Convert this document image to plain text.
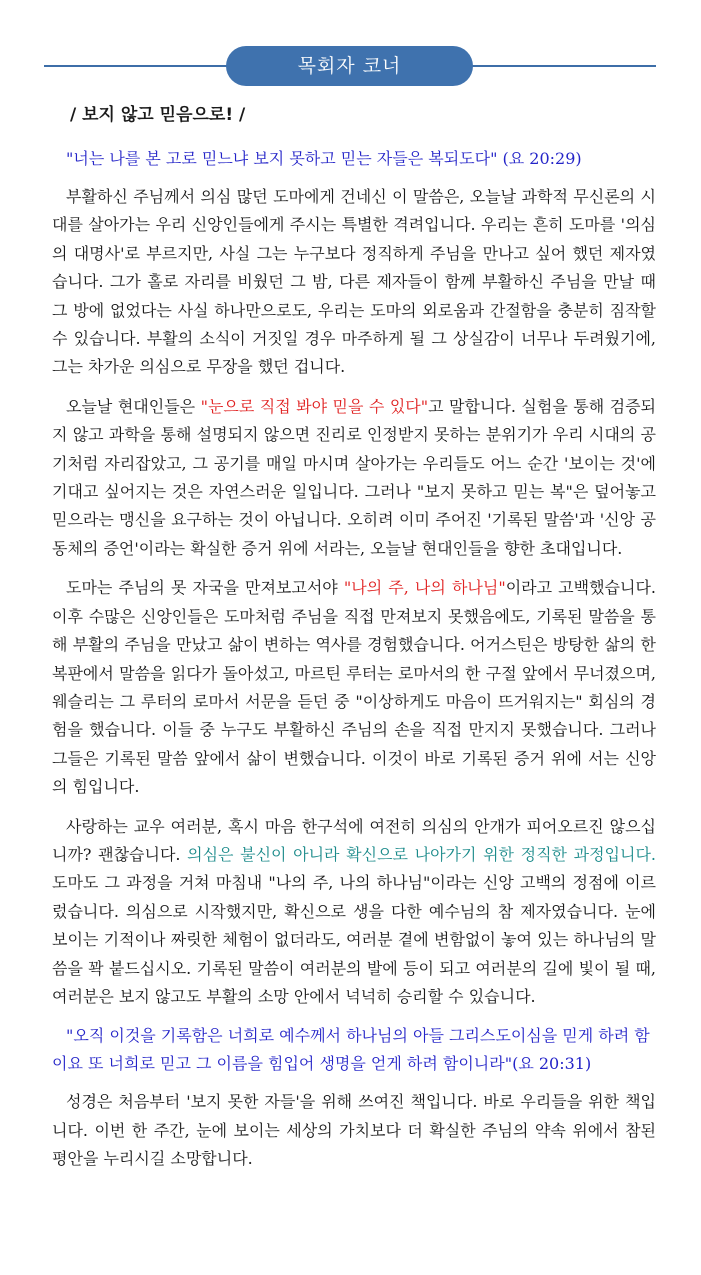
목회자 코너
/ 보지 않고 믿음으로! /

"너는 나를 본 고로 믿느냐 보지 못하고 믿는 자들은 복되도다" (요 20:29)

부활하신 주님께서 의심 많던 도마에게 건네신 이 말씀은, 오늘날 과학적 무신론의 시대를 살아가는 우리 신앙인들에게 주시는 특별한 격려입니다. 우리는 흔히 도마를 '의심의 대명사'로 부르지만, 사실 그는 누구보다 정직하게 주님을 만나고 싶어 했던 제자였습니다. 그가 홀로 자리를 비웠던 그 밤, 다른 제자들이 함께 부활하신 주님을 만날 때 그 방에 없었다는 사실 하나만으로도, 우리는 도마의 외로움과 간절함을 충분히 짐작할 수 있습니다. 부활의 소식이 거짓일 경우 마주하게 될 그 상실감이 너무나 두려웠기에, 그는 차가운 의심으로 무장을 했던 겁니다.

오늘날 현대인들은 "눈으로 직접 봐야 믿을 수 있다"고 말합니다. 실험을 통해 검증되지 않고 과학을 통해 설명되지 않으면 진리로 인정받지 못하는 분위기가 우리 시대의 공기처럼 자리잡았고, 그 공기를 매일 마시며 살아가는 우리들도 어느 순간 '보이는 것'에 기대고 싶어지는 것은 자연스러운 일입니다. 그러나 "보지 못하고 믿는 복"은 덮어놓고 믿으라는 맹신을 요구하는 것이 아닙니다. 오히려 이미 주어진 '기록된 말씀'과 '신앙 공동체의 증언'이라는 확실한 증거 위에 서라는, 오늘날 현대인들을 향한 초대입니다.

도마는 주님의 못 자국을 만져보고서야 "나의 주, 나의 하나님"이라고 고백했습니다. 이후 수많은 신앙인들은 도마처럼 주님을 직접 만져보지 못했음에도, 기록된 말씀을 통해 부활의 주님을 만났고 삶이 변하는 역사를 경험했습니다. 어거스틴은 방탕한 삶의 한복판에서 말씀을 읽다가 돌아섰고, 마르틴 루터는 로마서의 한 구절 앞에서 무너졌으며, 웨슬리는 그 루터의 로마서 서문을 듣던 중 "이상하게도 마음이 뜨거워지는" 회심의 경험을 했습니다. 이들 중 누구도 부활하신 주님의 손을 직접 만지지 못했습니다. 그러나 그들은 기록된 말씀 앞에서 삶이 변했습니다. 이것이 바로 기록된 증거 위에 서는 신앙의 힘입니다.

사랑하는 교우 여러분, 혹시 마음 한구석에 여전히 의심의 안개가 피어오르진 않으십니까? 괜찮습니다. 의심은 불신이 아니라 확신으로 나아가기 위한 정직한 과정입니다. 도마도 그 과정을 거쳐 마침내 "나의 주, 나의 하나님"이라는 신앙 고백의 정점에 이르렀습니다. 의심으로 시작했지만, 확신으로 생을 다한 예수님의 참 제자였습니다. 눈에 보이는 기적이나 짜릿한 체험이 없더라도, 여러분 곁에 변함없이 놓여 있는 하나님의 말씀을 꽉 붙드십시오. 기록된 말씀이 여러분의 발에 등이 되고 여러분의 길에 빛이 될 때, 여러분은 보지 않고도 부활의 소망 안에서 넉넉히 승리할 수 있습니다.

"오직 이것을 기록함은 너희로 예수께서 하나님의 아들 그리스도이심을 믿게 하려 함이요 또 너희로 믿고 그 이름을 힘입어 생명을 얻게 하려 함이니라"(요 20:31)

성경은 처음부터 '보지 못한 자들'을 위해 쓰여진 책입니다. 바로 우리들을 위한 책입니다. 이번 한 주간, 눈에 보이는 세상의 가치보다 더 확실한 주님의 약속 위에서 참된 평안을 누리시길 소망합니다.
